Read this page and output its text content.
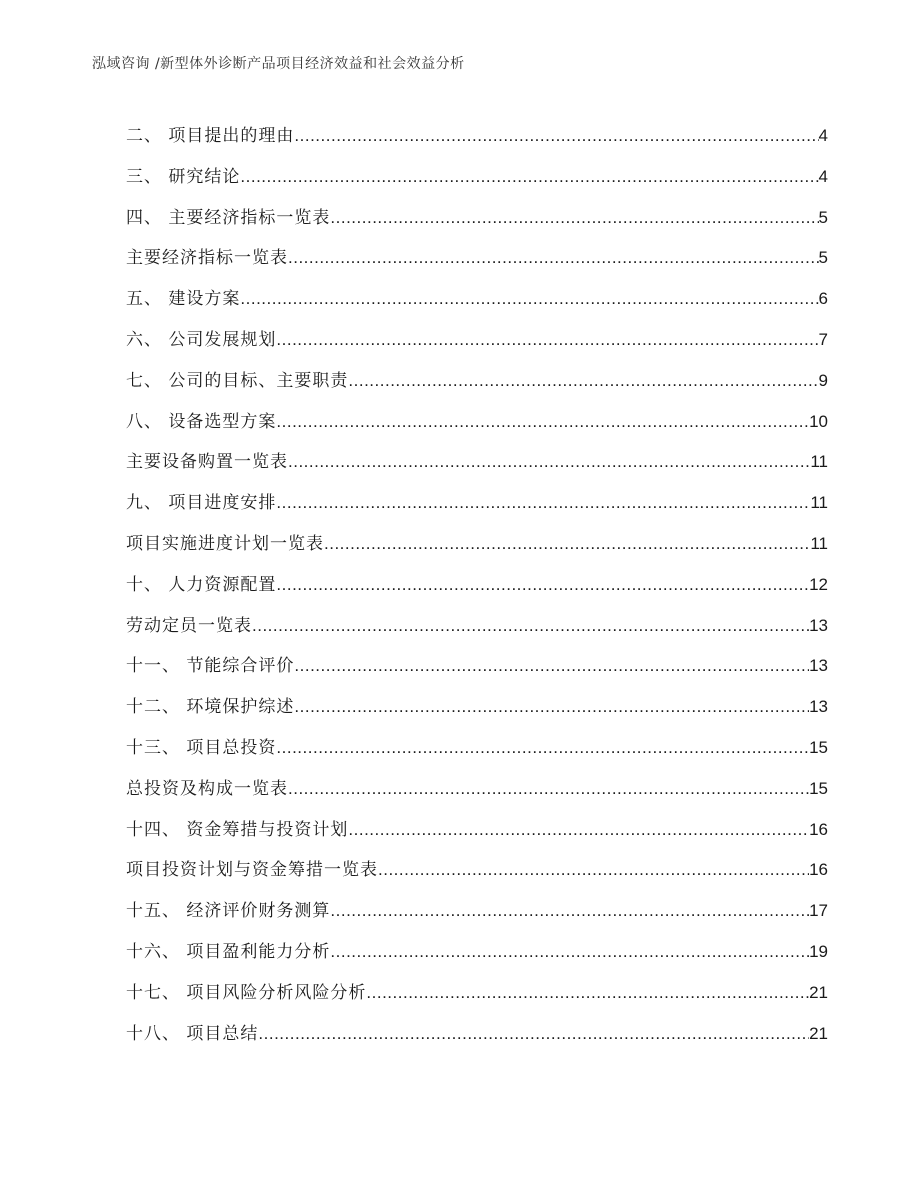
泓域咨询 /新型体外诊断产品项目经济效益和社会效益分析
二、 项目提出的理由 .....	4
三、 研究结论 .....	4
四、 主要经济指标一览表 .....	5
主要经济指标一览表 .....	5
五、 建设方案 .....	6
六、 公司发展规划 .....	7
七、 公司的目标、主要职责 .....	9
八、 设备选型方案 .....	10
主要设备购置一览表 .....	11
九、 项目进度安排 .....	11
项目实施进度计划一览表 .....	11
十、 人力资源配置 .....	12
劳动定员一览表 .....	13
十一、 节能综合评价 .....	13
十二、 环境保护综述 .....	13
十三、 项目总投资 .....	15
总投资及构成一览表 .....	15
十四、 资金筹措与投资计划 .....	16
项目投资计划与资金筹措一览表 .....	16
十五、 经济评价财务测算 .....	17
十六、 项目盈利能力分析 .....	19
十七、 项目风险分析风险分析 .....	21
十八、 项目总结 .....	21
